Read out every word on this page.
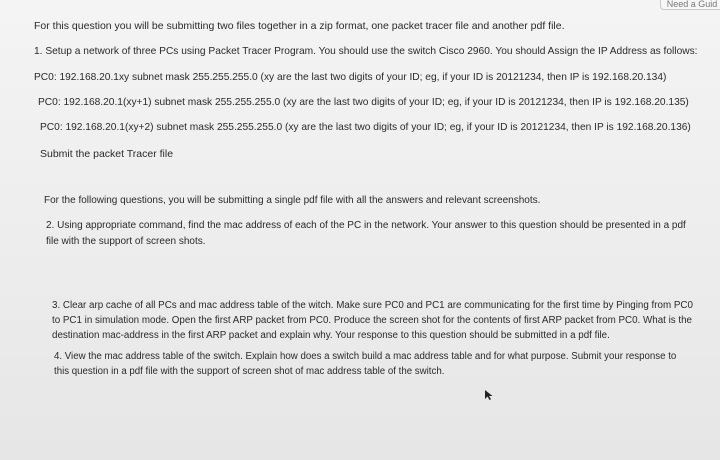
Need a Guid
For this question you will be submitting two files together in a zip format, one packet tracer file and another pdf file.
1. Setup a network of three PCs using Packet Tracer Program. You should use the switch Cisco 2960. You should Assign the IP Address as follows:
PC0: 192.168.20.1xy subnet mask 255.255.255.0 (xy are the last two digits of your ID; eg, if your ID is 20121234, then IP is 192.168.20.134)
PC0: 192.168.20.1(xy+1) subnet mask 255.255.255.0 (xy are the last two digits of your ID; eg, if your ID is 20121234, then IP is 192.168.20.135)
PC0: 192.168.20.1(xy+2) subnet mask 255.255.255.0 (xy are the last two digits of your ID; eg, if your ID is 20121234, then IP is 192.168.20.136)
Submit the packet Tracer file
For the following questions, you will be submitting a single pdf file with all the answers and relevant screenshots.
2. Using appropriate command, find the mac address of each of the PC in the network. Your answer to this question should be presented in a pdf
file with the support of screen shots.
3. Clear arp cache of all PCs and mac address table of the witch. Make sure PC0 and PC1 are communicating for the first time by Pinging from PC0
to PC1 in simulation mode. Open the first ARP packet from PC0. Produce the screen shot for the contents of first ARP packet from PC0. What is the
destination mac-address in the first ARP packet and explain why. Your response to this question should be submitted in a pdf file.
4. View the mac address table of the switch. Explain how does a switch build a mac address table and for what purpose. Submit your response to
this question in a pdf file with the support of screen shot of mac address table of the switch.
